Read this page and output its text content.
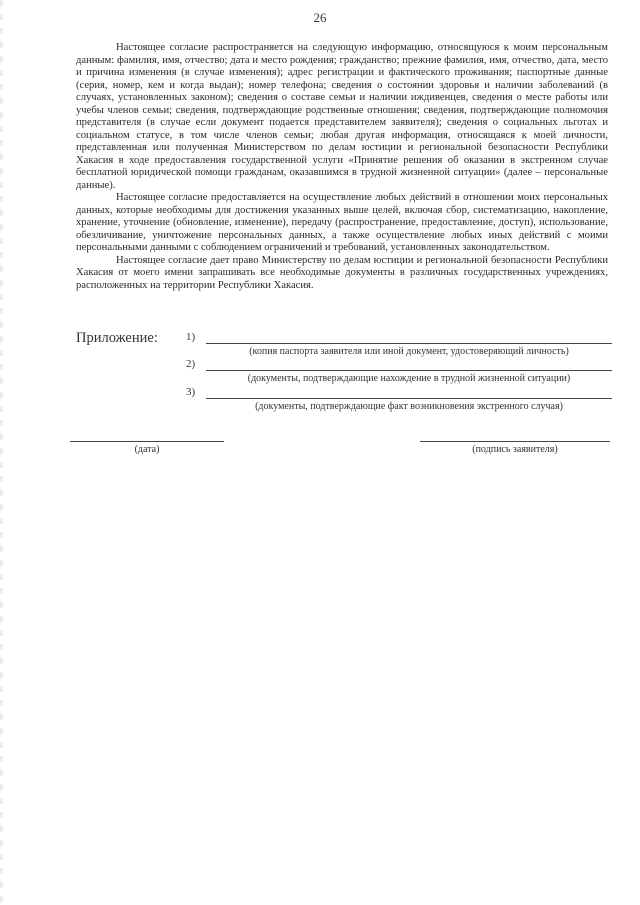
26

Настоящее согласие распространяется на следующую информацию, относящуюся к моим персональным данным: фамилия, имя, отчество; дата и место рождения; гражданство; прежние фамилия, имя, отчество, дата, место и причина изменения (в случае изменения); адрес регистрации и фактического проживания; паспортные данные (серия, номер, кем и когда выдан); номер телефона; сведения о состоянии здоровья и наличии заболеваний (в случаях, установленных законом); сведения о составе семьи и наличии иждивенцев, сведения о месте работы или учебы членов семьи; сведения, подтверждающие родственные отношения; сведения, подтверждающие полномочия представителя (в случае если документ подается представителем заявителя); сведения о социальных льготах и социальном статусе, в том числе членов семьи; любая другая информация, относящаяся к моей личности, представленная или полученная Министерством по делам юстиции и региональной безопасности Республики Хакасия в ходе предоставления государственной услуги «Принятие решения об оказании в экстренном случае бесплатной юридической помощи гражданам, оказавшимся в трудной жизненной ситуации» (далее – персональные данные).

Настоящее согласие предоставляется на осуществление любых действий в отношении моих персональных данных, которые необходимы для достижения указанных выше целей, включая сбор, систематизацию, накопление, хранение, уточнение (обновление, изменение), передачу (распространение, предоставление, доступ), использование, обезличивание, уничтожение персональных данных, а также осуществление любых иных действий с моими персональными данными с соблюдением ограничений и требований, установленных законодательством.

Настоящее согласие дает право Министерству по делам юстиции и региональной безопасности Республики Хакасия от моего имени запрашивать все необходимые документы в различных государственных учреждениях, расположенных на территории Республики Хакасия.

Приложение:	1)
(копия паспорта заявителя или иной документ, удостоверяющий личность)
2)
(документы, подтверждающие нахождение в трудной жизненной ситуации)
3)
(документы, подтверждающие факт возникновения экстренного случая)
(дата)	(подпись заявителя)
